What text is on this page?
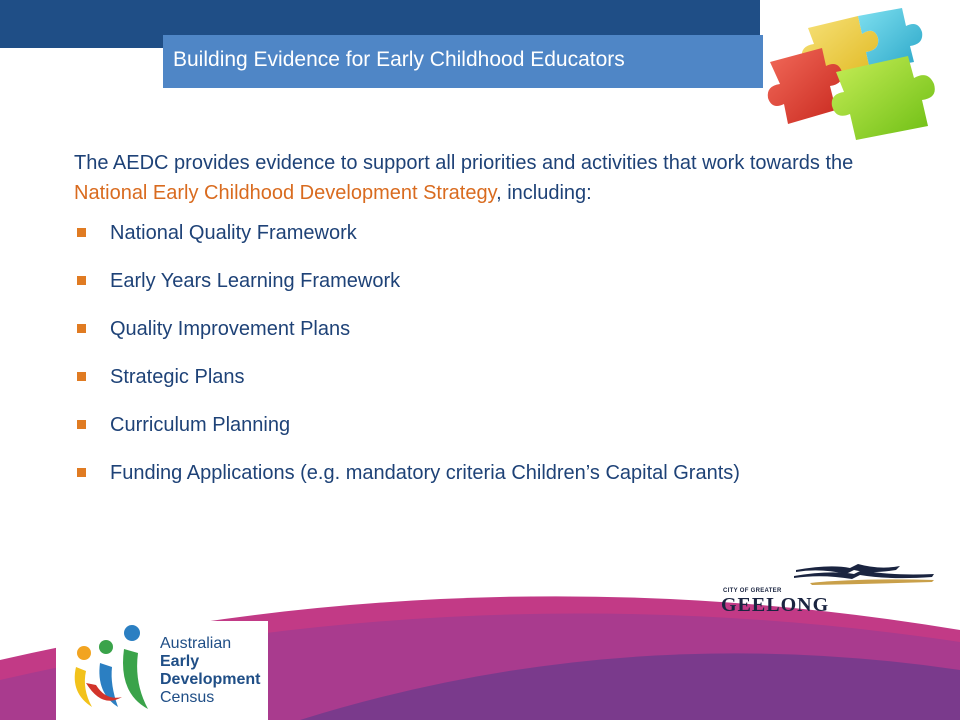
Building Evidence for Early Childhood Educators

The AEDC provides evidence to support all priorities and activities that work towards the National Early Childhood Development Strategy, including:

National Quality Framework
Early Years Learning Framework
Quality Improvement Plans
Strategic Plans
Curriculum Planning
Funding Applications (e.g. mandatory criteria Children’s Capital Grants)
Australian
Early
Development
Census
CITY OF GREATER
GEELONG
